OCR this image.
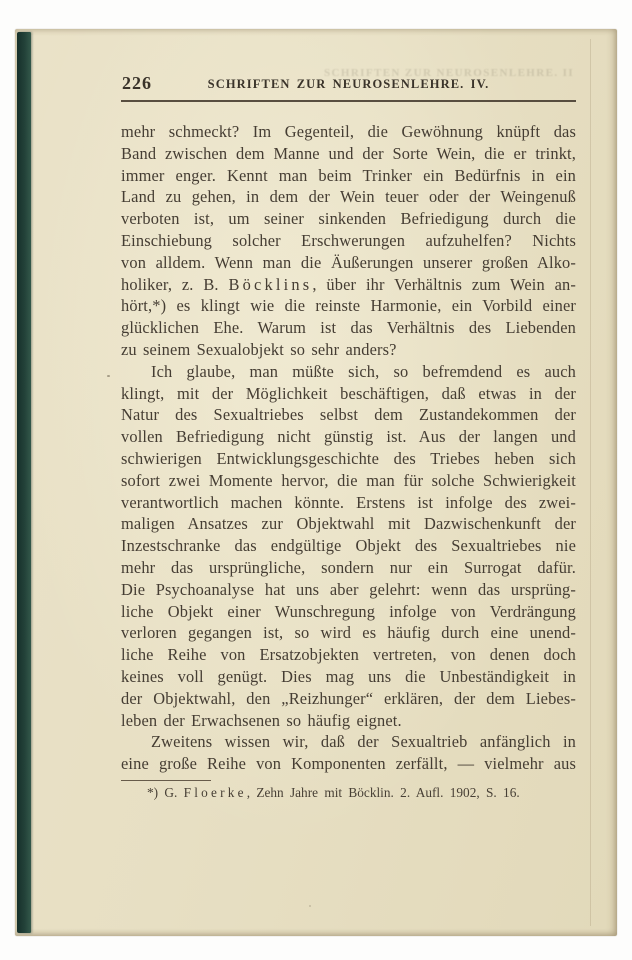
SCHRIFTEN ZUR NEUROSENLEHRE. II
226	SCHRIFTEN ZUR NEUROSENLEHRE. IV.
mehr schmeckt? Im Gegenteil, die Gewöhnung knüpft das
Band zwischen dem Manne und der Sorte Wein, die er trinkt,
immer enger. Kennt man beim Trinker ein Bedürfnis in ein
Land zu gehen, in dem der Wein teuer oder der Weingenuß
verboten ist, um seiner sinkenden Befriedigung durch die
Einschiebung solcher Erschwerungen aufzuhelfen? Nichts
von alldem. Wenn man die Äußerungen unserer großen Alko-
holiker, z. B. Böcklins, über ihr Verhältnis zum Wein an-
hört,*) es klingt wie die reinste Harmonie, ein Vorbild einer
glücklichen Ehe. Warum ist das Verhältnis des Liebenden
zu seinem Sexualobjekt so sehr anders?
Ich glaube, man müßte sich, so befremdend es auch
klingt, mit der Möglichkeit beschäftigen, daß etwas in der
Natur des Sexualtriebes selbst dem Zustandekommen der
vollen Befriedigung nicht günstig ist. Aus der langen und
schwierigen Entwicklungsgeschichte des Triebes heben sich
sofort zwei Momente hervor, die man für solche Schwierigkeit
verantwortlich machen könnte. Erstens ist infolge des zwei-
maligen Ansatzes zur Objektwahl mit Dazwischenkunft der
Inzestschranke das endgültige Objekt des Sexualtriebes nie
mehr das ursprüngliche, sondern nur ein Surrogat dafür.
Die Psychoanalyse hat uns aber gelehrt: wenn das ursprüng-
liche Objekt einer Wunschregung infolge von Verdrängung
verloren gegangen ist, so wird es häufig durch eine unend-
liche Reihe von Ersatzobjekten vertreten, von denen doch
keines voll genügt. Dies mag uns die Unbeständigkeit in
der Objektwahl, den „Reizhunger“ erklären, der dem Liebes-
leben der Erwachsenen so häufig eignet.
Zweitens wissen wir, daß der Sexualtrieb anfänglich in
eine große Reihe von Komponenten zerfällt, — vielmehr aus
*) G. Floerke, Zehn Jahre mit Böcklin. 2. Aufl. 1902, S. 16.
